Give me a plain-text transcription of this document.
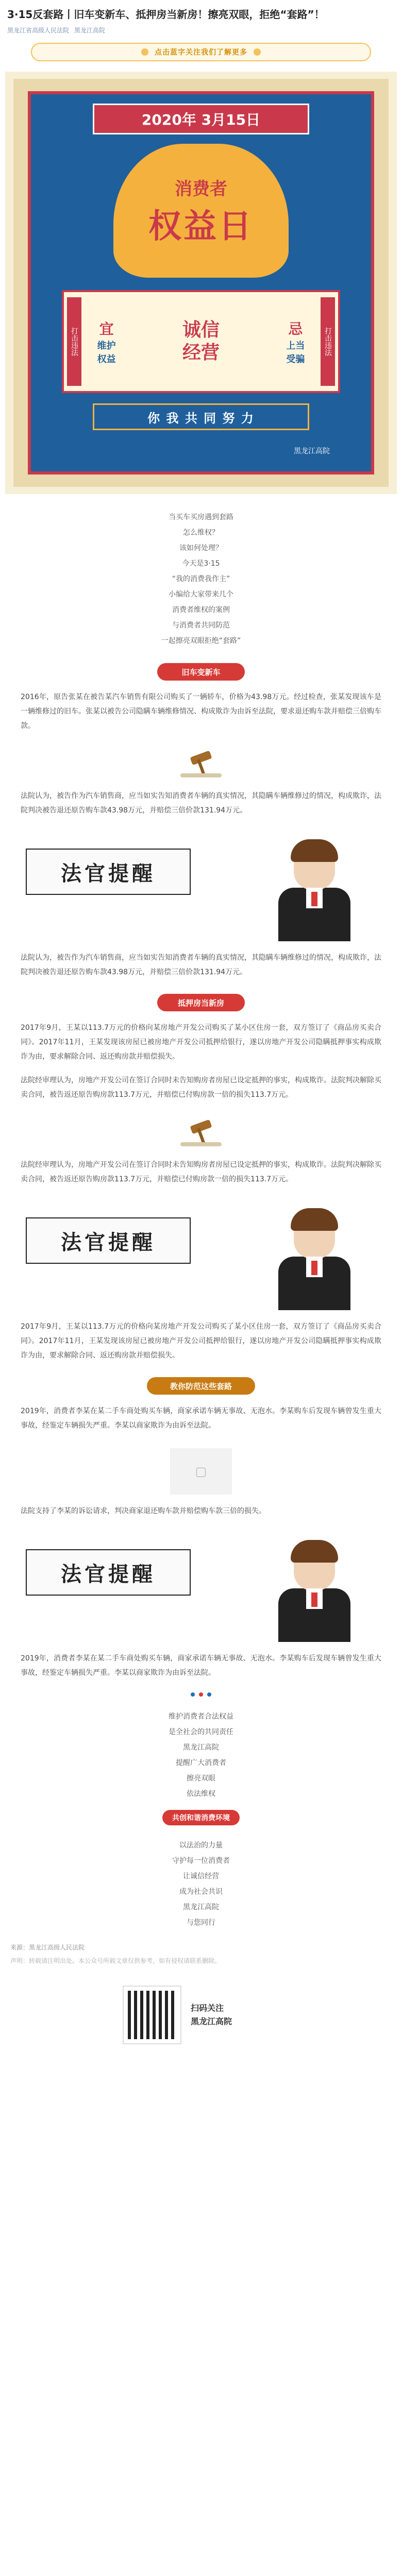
3·15反套路丨旧车变新车、抵押房当新房！擦亮双眼，拒绝“套路”！
黑龙江省高级人民法院 黑龙江高院
点击蓝字关注我们了解更多
2020年 3月15日
消费者
权益日
打击违法 宜
维护
权益
诚信
经营
忌
上当
受骗
打击违法
你 我 共 同 努 力
黑龙江高院
当买车买房遇到套路
怎么维权？
该如何处理？
今天是3·15
“我的消费我作主”
小编给大家带来几个
消费者维权的案例
与消费者共同防范
一起擦亮双眼拒绝“套路”
旧车变新车

2016年，原告张某在被告某汽车销售有限公司购买了一辆轿车，价格为43.98万元。经过检查，张某发现该车是一辆维修过的旧车。张某以被告公司隐瞒车辆维修情况、构成欺诈为由诉至法院，要求退还购车款并赔偿三倍购车款。

法院认为，被告作为汽车销售商，应当如实告知消费者车辆的真实情况，其隐瞒车辆维修过的情况，构成欺诈，法院判决被告退还原告购车款43.98万元，并赔偿三倍价款131.94万元。

法官提醒

法院认为，被告作为汽车销售商，应当如实告知消费者车辆的真实情况，其隐瞒车辆维修过的情况，构成欺诈，法院判决被告退还原告购车款43.98万元，并赔偿三倍价款131.94万元。

抵押房当新房

2017年9月，王某以113.7万元的价格向某房地产开发公司购买了某小区住房一套，双方签订了《商品房买卖合同》。2017年11月，王某发现该房屋已被房地产开发公司抵押给银行，遂以房地产开发公司隐瞒抵押事实构成欺诈为由，要求解除合同、返还购房款并赔偿损失。

法院经审理认为，房地产开发公司在签订合同时未告知购房者房屋已设定抵押的事实，构成欺诈。法院判决解除买卖合同，被告返还原告购房款113.7万元，并赔偿已付购房款一倍的损失113.7万元。

法院经审理认为，房地产开发公司在签订合同时未告知购房者房屋已设定抵押的事实，构成欺诈。法院判决解除买卖合同，被告返还原告购房款113.7万元，并赔偿已付购房款一倍的损失113.7万元。

法官提醒

2017年9月，王某以113.7万元的价格向某房地产开发公司购买了某小区住房一套，双方签订了《商品房买卖合同》。2017年11月，王某发现该房屋已被房地产开发公司抵押给银行，遂以房地产开发公司隐瞒抵押事实构成欺诈为由，要求解除合同、返还购房款并赔偿损失。

教你防范这些套路

2019年，消费者李某在某二手车商处购买车辆，商家承诺车辆无事故、无泡水。李某购车后发现车辆曾发生重大事故，经鉴定车辆损失严重。李某以商家欺诈为由诉至法院。

▢

法院支持了李某的诉讼请求，判决商家退还购车款并赔偿购车款三倍的损失。

法官提醒

2019年，消费者李某在某二手车商处购买车辆，商家承诺车辆无事故、无泡水。李某购车后发现车辆曾发生重大事故，经鉴定车辆损失严重。李某以商家欺诈为由诉至法院。

维护消费者合法权益
是全社会的共同责任
黑龙江高院
提醒广大消费者
擦亮双眼
依法维权
共创和谐消费环境
以法治的力量
守护每一位消费者
让诚信经营
成为社会共识
黑龙江高院
与您同行
来源：黑龙江高级人民法院
声明：转载请注明出处。本公众号所载文章仅供参考，如有侵权请联系删除。
扫码关注
黑龙江高院
